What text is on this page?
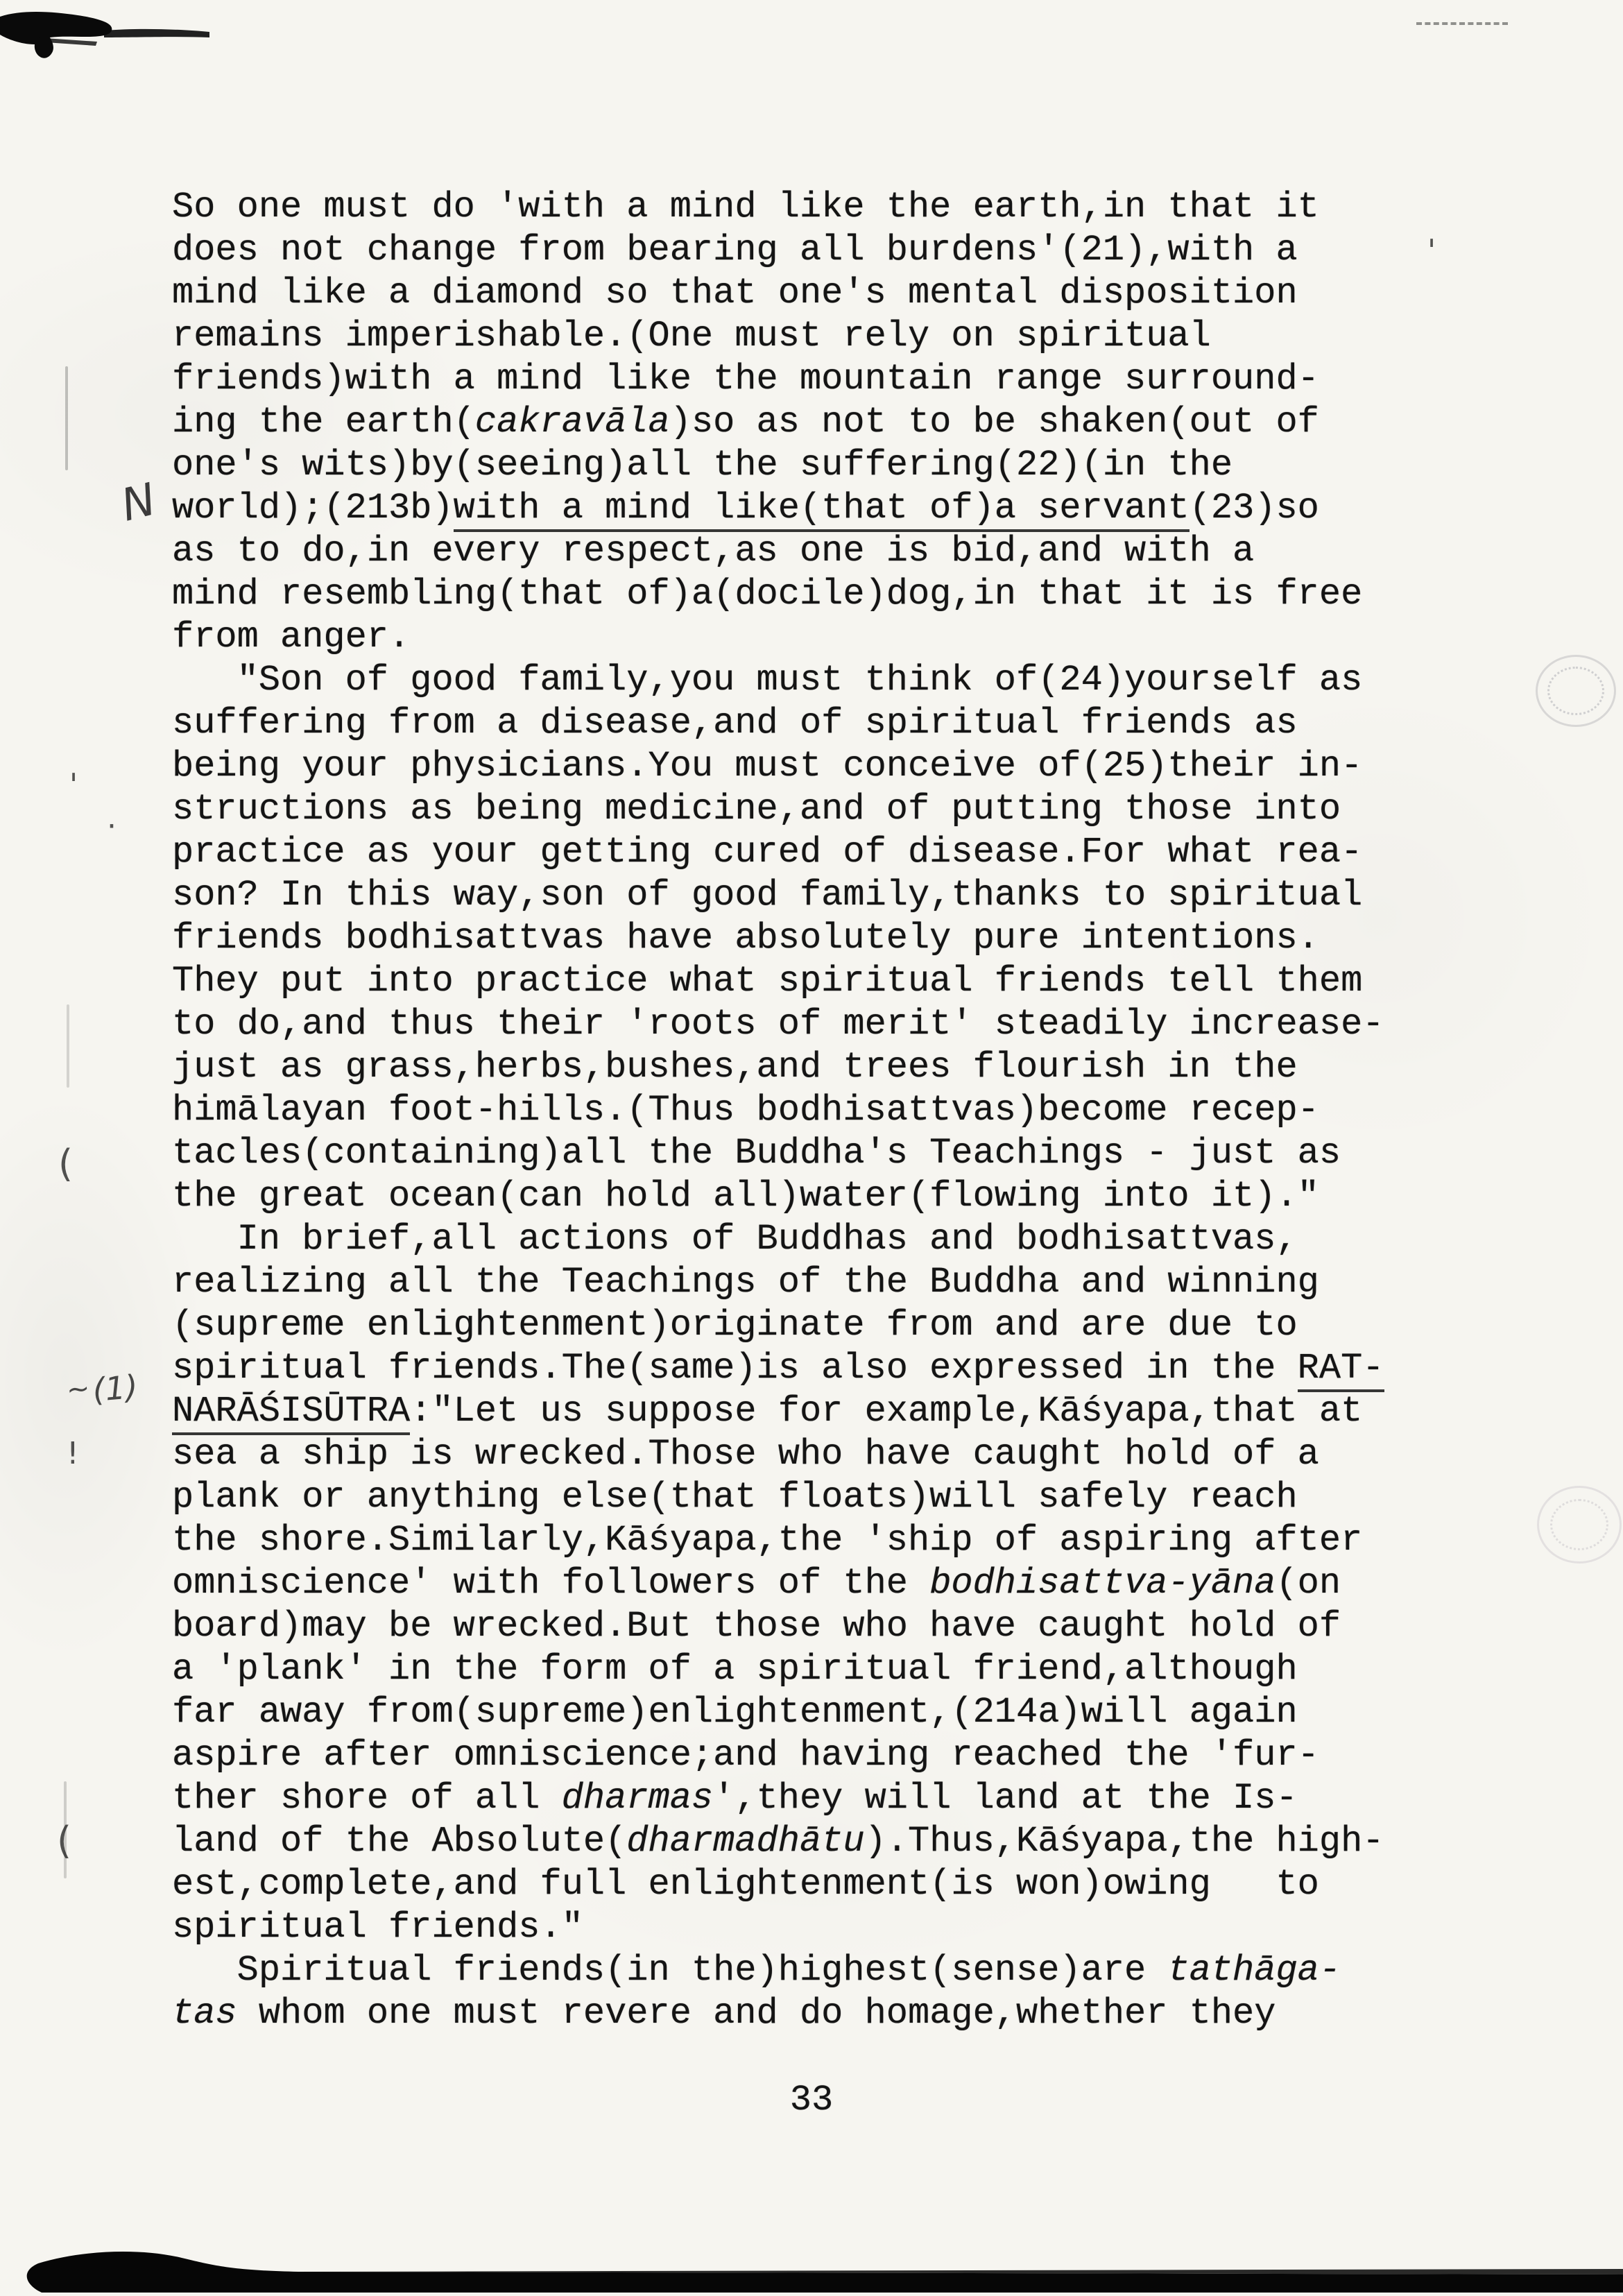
'
·
(
!
(
'
N
~(1)
So one must do 'with a mind like the earth,in that it
does not change from bearing all burdens'(21),with a
mind like a diamond so that one's mental disposition
remains imperishable.(One must rely on spiritual
friends)with a mind like the mountain range surround-
ing the earth(cakravāla)so as not to be shaken(out of
one's wits)by(seeing)all the suffering(22)(in the
world);(213b)with a mind like(that of)a servant(23)so
as to do,in every respect,as one is bid,and with a
mind resembling(that of)a(docile)dog,in that it is free
from anger.
"Son of good family,you must think of(24)yourself as
suffering from a disease,and of spiritual friends as
being your physicians.You must conceive of(25)their in-
structions as being medicine,and of putting those into
practice as your getting cured of disease.For what rea-
son? In this way,son of good family,thanks to spiritual
friends bodhisattvas have absolutely pure intentions.
They put into practice what spiritual friends tell them
to do,and thus their 'roots of merit' steadily increase-
just as grass,herbs,bushes,and trees flourish in the
himālayan foot-hills.(Thus bodhisattvas)become recep-
tacles(containing)all the Buddha's Teachings - just as
the great ocean(can hold all)water(flowing into it)."
In brief,all actions of Buddhas and bodhisattvas,
realizing all the Teachings of the Buddha and winning
(supreme enlightenment)originate from and are due to
spiritual friends.The(same)is also expressed in the RAT-
NARĀŚISŪTRA:"Let us suppose for example,Kāśyapa,that at
sea a ship is wrecked.Those who have caught hold of a
plank or anything else(that floats)will safely reach
the shore.Similarly,Kāśyapa,the 'ship of aspiring after
omniscience' with followers of the bodhisattva-yāna(on
board)may be wrecked.But those who have caught hold of
a 'plank' in the form of a spiritual friend,although
far away from(supreme)enlightenment,(214a)will again
aspire after omniscience;and having reached the 'fur-
ther shore of all dharmas',they will land at the Is-
land of the Absolute(dharmadhātu).Thus,Kāśyapa,the high-
est,complete,and full enlightenment(is won)owing   to
spiritual friends."
Spiritual friends(in the)highest(sense)are tathāga-
tas whom one must revere and do homage,whether they
33
